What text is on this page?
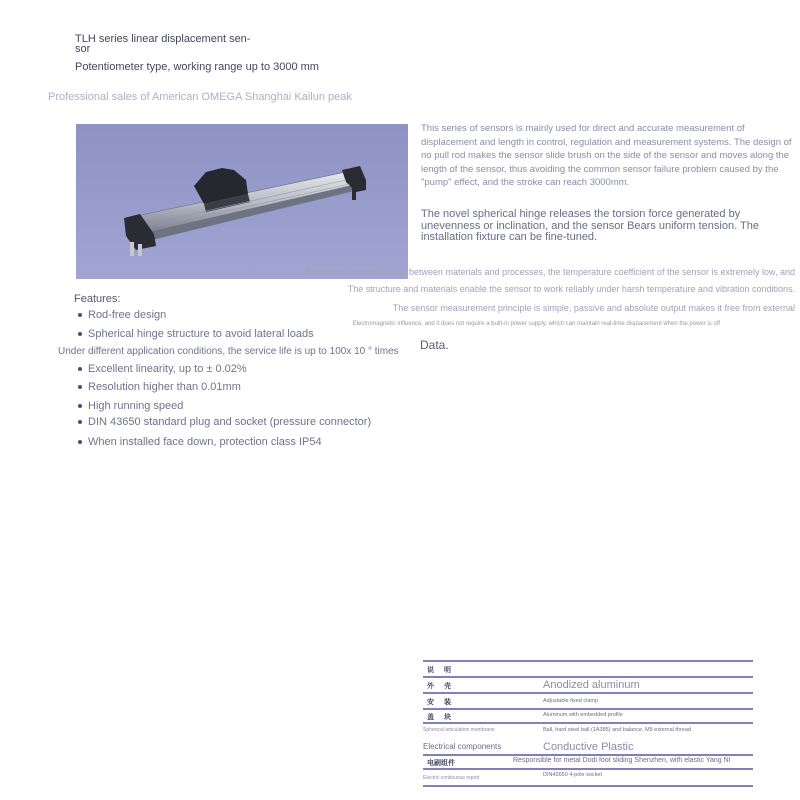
TLH series linear displacement sen-
sor
Potentiometer type, working range up to 3000 mm
Professional sales of American OMEGA Shanghai Kailun peak
This series of sensors is mainly used for direct and accurate measurement of displacement and length in control, regulation and measurement systems. The design of no pull rod makes the sensor slide brush on the side of the sensor and moves along the length of the sensor, thus avoiding the common sensor failure problem caused by the "pump" effect, and the stroke can reach 3000mm.
The novel spherical hinge releases the torsion force generated by unevenness or inclination, and the sensor Bears uniform tension. The installation fixture can be fine-tuned.
Based on the relationship between materials and processes, the temperature coefficient of the sensor is extremely low, and
The structure and materials enable the sensor to work reliably under harsh temperature and vibration conditions.
The sensor measurement principle is simple, passive and absolute output makes it free from external
Electromagnetic influence, and it does not require a built-in power supply, which can maintain real-time displacement when the power is off
Data.
Features:
Rod-free design
Spherical hinge structure to avoid lateral loads
Under different application conditions, the service life is up to 100x 10 ° times
Excellent linearity, up to ± 0.02%
Resolution higher than 0.01mm
High running speed
DIN 43650 standard plug and socket (pressure connector)
When installed face down, protection class IP54
说 明
外 壳	Anodized aluminum
安 装	Adjustable fixed clamp
盖 块	Aluminum with embedded profile
Spherical articulation membrane	Ball, hard steel ball (1A385) and balance, M5 external thread
Electrical components	Conductive Plastic
电刷组件	Responsible for metal Dodi foot sliding Shenzhen, with elastic Yang NI
Electric continuous report	DIN43650 4-pole socket
